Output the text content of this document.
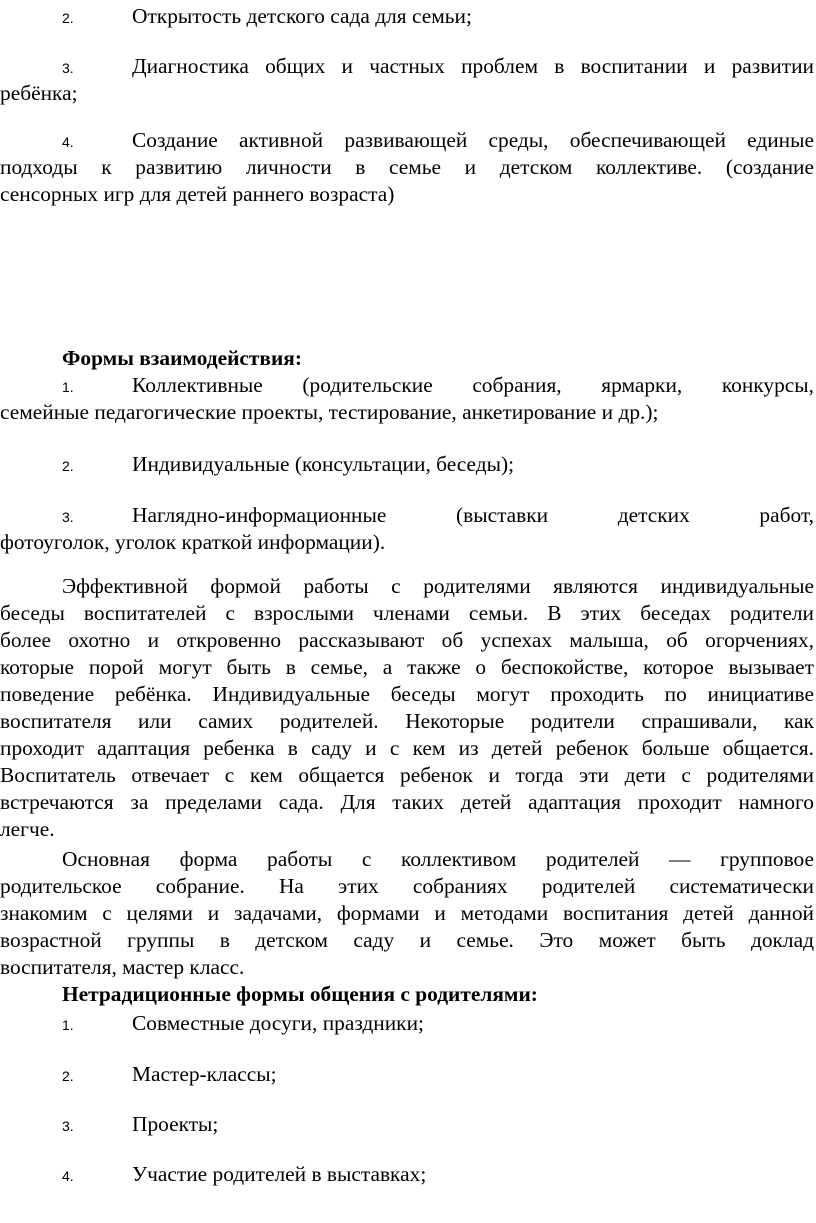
2.	Открытость детского сада для семьи;
3.	Диагностика общих и частных проблем в воспитании и развитии
ребёнка;
4.	Создание активной развивающей среды, обеспечивающей единые
подходы к развитию личности в семье и детском коллективе. (создание
сенсорных игр для детей раннего возраста)
Формы взаимодействия:
1.	Коллективные (родительские собрания, ярмарки, конкурсы,
семейные педагогические проекты, тестирование, анкетирование и др.);
2.	Индивидуальные (консультации, беседы);
3.	Наглядно-информационные (выставки детских работ,
фотоуголок, уголок краткой информации).
Эффективной формой работы с родителями являются индивидуальные
беседы воспитателей с взрослыми членами семьи. В этих беседах родители
более охотно и откровенно рассказывают об успехах малыша, об огорчениях,
которые порой могут быть в семье, а также о беспокойстве, которое вызывает
поведение ребёнка. Индивидуальные беседы могут проходить по инициативе
воспитателя или самих родителей. Некоторые родители спрашивали, как
проходит адаптация ребенка в саду и с кем из детей ребенок больше общается.
Воспитатель отвечает с кем общается ребенок и тогда эти дети с родителями
встречаются за пределами сада. Для таких детей адаптация проходит намного
легче.
Основная форма работы с коллективом родителей — групповое
родительское собрание. На этих собраниях родителей систематически
знакомим с целями и задачами, формами и методами воспитания детей данной
возрастной группы в детском саду и семье. Это может быть доклад
воспитателя, мастер класс.
Нетрадиционные формы общения с родителями:
1.	Совместные досуги, праздники;
2.	Мастер-классы;
3.	Проекты;
4.	Участие родителей в выставках;
